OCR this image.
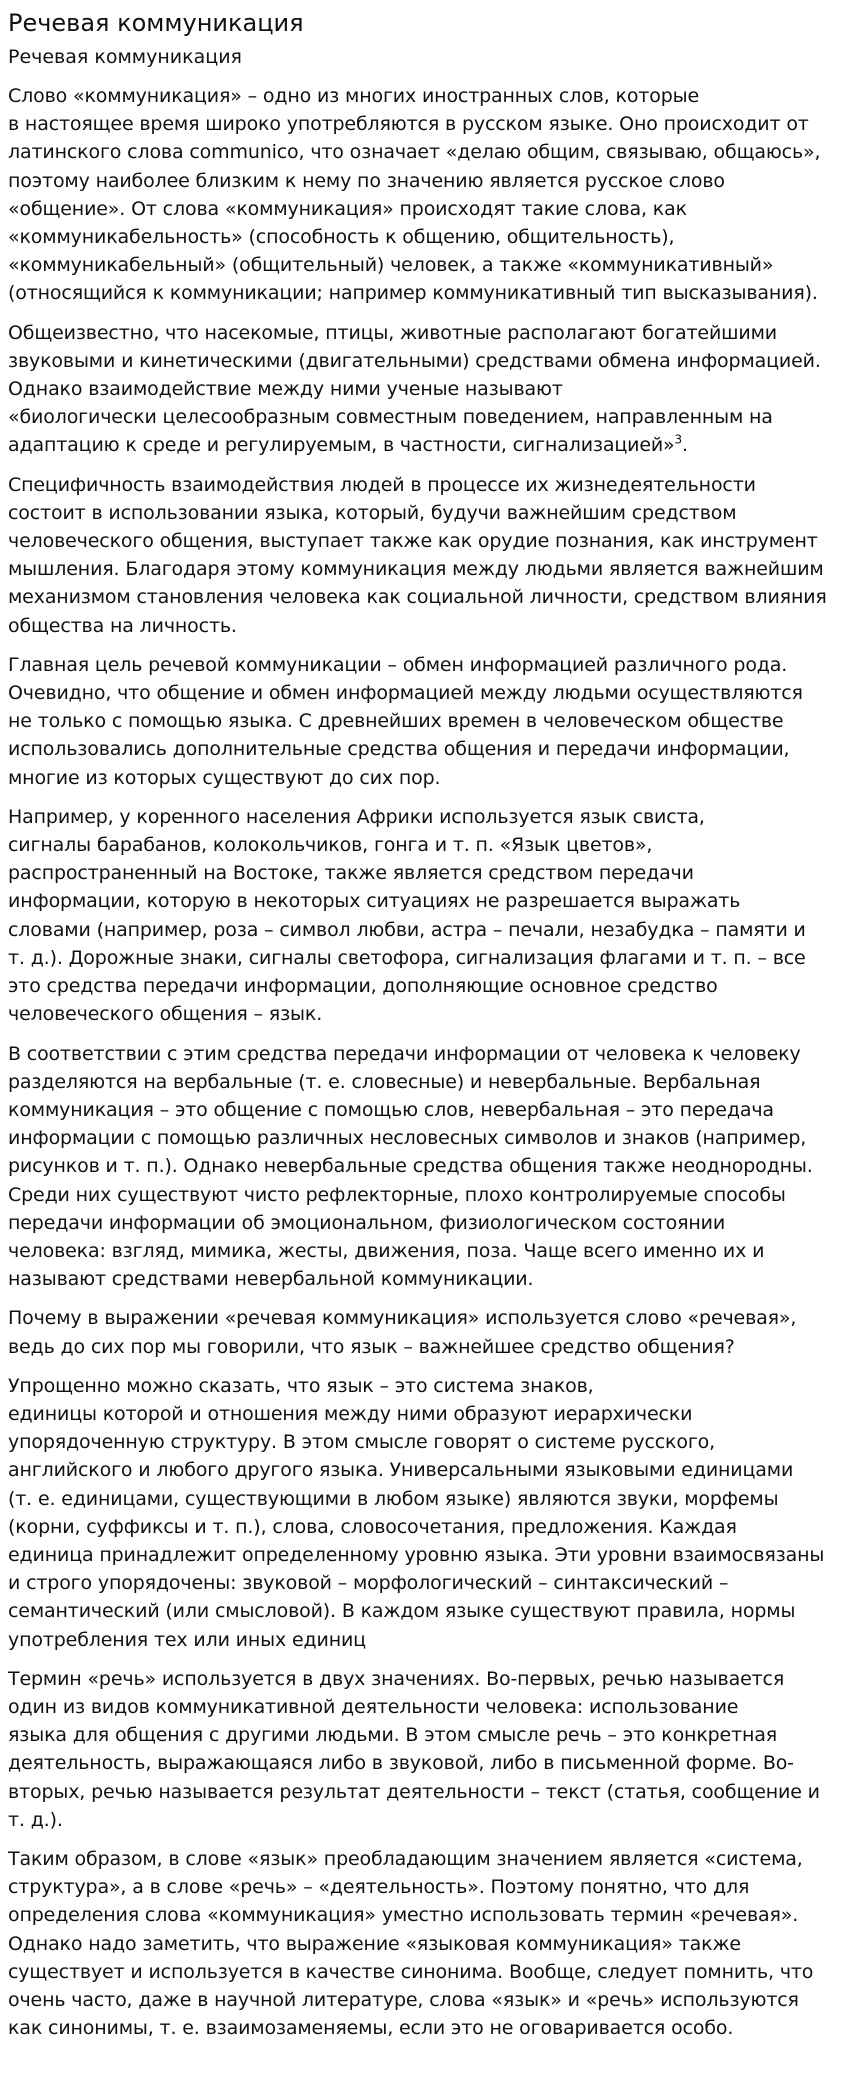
Речевая коммуникация
Речевая коммуникация

Слово «коммуникация» – одно из многих иностранных слов, которые
в настоящее время широко употребляются в русском языке. Оно происходит от
латинского слова communico, что означает «делаю общим, связываю, общаюсь»,
поэтому наиболее близким к нему по значению является русское слово
«общение». От слова «коммуникация» происходят такие слова, как
«коммуникабельность» (способность к общению, общительность),
«коммуникабельный» (общительный) человек, а также «коммуникативный»
(относящийся к коммуникации; например коммуникативный тип высказывания).

Общеизвестно, что насекомые, птицы, животные располагают богатейшими
звуковыми и кинетическими (двигательными) средствами обмена информацией.
Однако взаимодействие между ними ученые называют
«биологически целесообразным совместным поведением, направленным на
адаптацию к среде и регулируемым, в частности, сигнализацией»$^3$.

Специфичность взаимодействия людей в процессе их жизнедеятельности
состоит в использовании языка, который, будучи важнейшим средством
человеческого общения, выступает также как орудие познания, как инструмент
мышления. Благодаря этому коммуникация между людьми является важнейшим
механизмом становления человека как социальной личности, средством влияния
общества на личность.

Главная цель речевой коммуникации – обмен информацией различного рода.
Очевидно, что общение и обмен информацией между людьми осуществляются
не только с помощью языка. С древнейших времен в человеческом обществе
использовались дополнительные средства общения и передачи информации,
многие из которых существуют до сих пор.

Например, у коренного населения Африки используется язык свиста,
сигналы барабанов, колокольчиков, гонга и т. п. «Язык цветов»,
распространенный на Востоке, также является средством передачи
информации, которую в некоторых ситуациях не разрешается выражать
словами (например, роза – символ любви, астра – печали, незабудка – памяти и
т. д.). Дорожные знаки, сигналы светофора, сигнализация флагами и т. п. – все
это средства передачи информации, дополняющие основное средство
человеческого общения – язык.

В соответствии с этим средства передачи информации от человека к человеку
разделяются на вербальные (т. е. словесные) и невербальные. Вербальная
коммуникация – это общение с помощью слов, невербальная – это передача
информации с помощью различных несловесных символов и знаков (например,
рисунков и т. п.). Однако невербальные средства общения также неоднородны.
Среди них существуют чисто рефлекторные, плохо контролируемые способы
передачи информации об эмоциональном, физиологическом состоянии
человека: взгляд, мимика, жесты, движения, поза. Чаще всего именно их и
называют средствами невербальной коммуникации.

Почему в выражении «речевая коммуникация» используется слово «речевая»,
ведь до сих пор мы говорили, что язык – важнейшее средство общения?

Упрощенно можно сказать, что язык – это система знаков,
единицы которой и отношения между ними образуют иерархически
упорядоченную структуру. В этом смысле говорят о системе русского,
английского и любого другого языка. Универсальными языковыми единицами
(т. е. единицами, существующими в любом языке) являются звуки, морфемы
(корни, суффиксы и т. п.), слова, словосочетания, предложения. Каждая
единица принадлежит определенному уровню языка. Эти уровни взаимосвязаны
и строго упорядочены: звуковой – морфологический – синтаксический –
семантический (или смысловой). В каждом языке существуют правила, нормы
употребления тех или иных единиц

Термин «речь» используется в двух значениях. Во-первых, речью называется
один из видов коммуникативной деятельности человека: использование
языка для общения с другими людьми. В этом смысле речь – это конкретная
деятельность, выражающаяся либо в звуковой, либо в письменной форме. Во-
вторых, речью называется результат деятельности – текст (статья, сообщение и
т. д.).

Таким образом, в слове «язык» преобладающим значением является «система,
структура», а в слове «речь» – «деятельность». Поэтому понятно, что для
определения слова «коммуникация» уместно использовать термин «речевая».
Однако надо заметить, что выражение «языковая коммуникация» также
существует и используется в качестве синонима. Вообще, следует помнить, что
очень часто, даже в научной литературе, слова «язык» и «речь» используются
как синонимы, т. е. взаимозаменяемы, если это не оговаривается особо.
